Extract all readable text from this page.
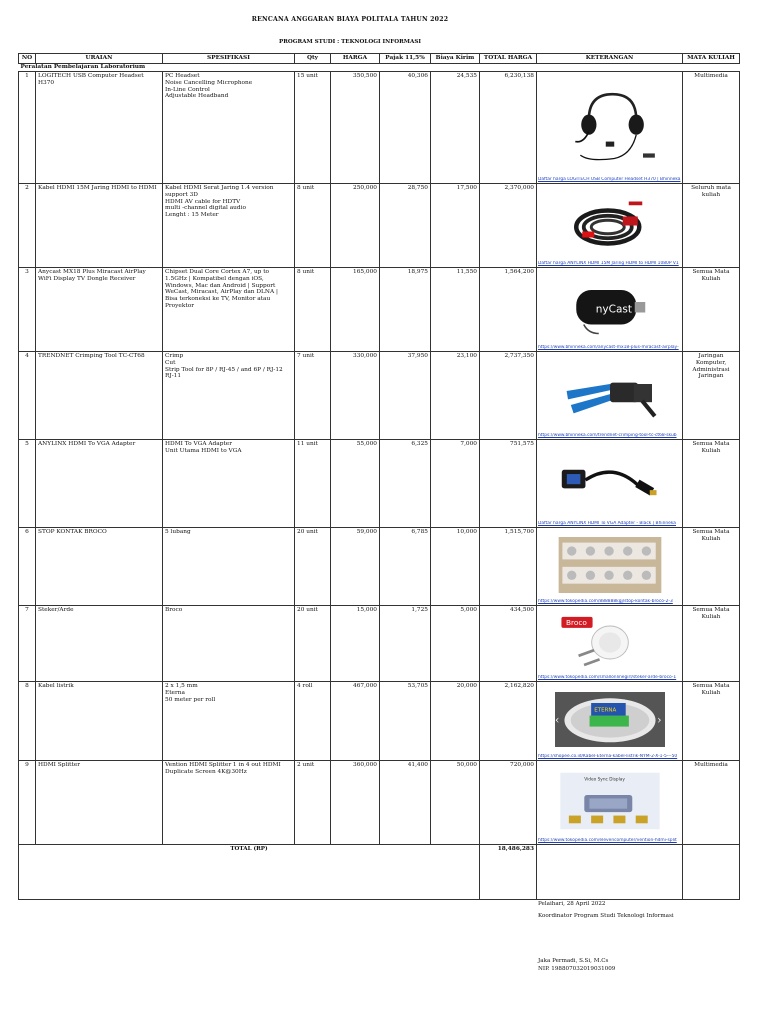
RENCANA ANGGARAN BIAYA POLITALA TAHUN 2022
PROGRAM STUDI : TEKNOLOGI INFORMASI
NO	URAIAN	SPESIFIKASI	Qty	HARGA	Pajak 11,5%	Biaya Kirim	TOTAL HARGA	KETERANGAN	MATA KULIAH
Peralatan Pembelajaran Laboratorium									
1	LOGITECH USB Computer Headset H370	PC Headset
Noise Cancelling Microphone
In-Line Control
Adjustable Headband	15 unit	350,500	40,306	24,535	6,230,138	Daftar harga LOGITECH USB Computer Headset H370 | Bhinneka	Multimedia
2	Kabel HDMI 15M Jaring HDMI to HDMI	Kabel HDMI Serat Jaring 1.4 version support 3D
HDMI AV cable for HDTV
multi -channel digital audio
Lenght : 15 Meter	8 unit	250,000	28,750	17,500	2,370,000	Daftar harga ANYLINX HDMI 15M Jaring HDMI to HDMI 1080P V1	Seluruh mata kuliah
3	Anycast MX18 Plus Miracast AirPlay WiFi Display TV Dongle Receiver	Chipset Dual Core Cortex A7, up to 1.5GHz | Kompatibel dengan iOS, Windows, Mac dan Android | Support WeCast, Miracast, AirPlay dan DLNA | Bisa terkoneksi ke TV, Monitor atau Proyektor	8 unit	165,000	18,975	11,550	1,564,200	nyCast
https://www.bhinneka.com/anycast-mx18-plus-miracast-airplay-	Semua Mata Kuliah
4	TRENDNET Crimping Tool TC-CT68	Crimp
Cut
Strip Tool for 8P / RJ-45 / and 6P / RJ-12 RJ-11	7 unit	330,000	37,950	23,100	2,737,350	https://www.bhinneka.com/trendnet-crimping-tool-tc-ct68-skub	Jaringan Komputer, Administrasi Jaringan
5	ANYLINX HDMI To VGA Adapter	HDMI To VGA Adapter
Unit Utama HDMI to VGA	11 unit	55,000	6,325	7,000	751,575	Daftar harga ANYLINX HDMI To VGA Adapter - Black | Bhinneka	Semua Mata Kuliah
6	STOP KONTAK BROCO	5 lubang	20 unit	59,000	6,785	10,000	1,515,700	https://www.tokopedia.com/888888kgj/stop-kontak-broco-2-3	Semua Mata Kuliah
7	Steker/Arde	Broco	20 unit	15,000	1,725	5,000	434,500	Broco
https://www.tokopedia.com/smallonlinegirl/steker-arde-broco-1	Semua Mata Kuliah
8	Kabel listrik	2 x 1,5 mm
Eterna
50 meter per roll	4 roll	467,000	53,705	20,000	2,162,820	ETERNA
‹ ›
https://shopee.co.id/Kabel-Eterna-kabel-listrik-NYM-2-X-1-5---50	Semua Mata Kuliah
9	HDMI Splitter	Vention HDMI Splitter 1 in 4 out HDMI Duplicate Screen 4K@30Hz	2 unit	360,000	41,400	50,000	720,000	Video Sync Display
https://www.tokopedia.com/elevencomputer/vention-hdmi-split	Multimedia
TOTAL (RP)							18,486,283		
Pelaihari, 28 April 2022
Koordinator Program Studi Teknologi Informasi
Jaka Permadi, S.Si, M.Cs
NIP. 198807032019031009
